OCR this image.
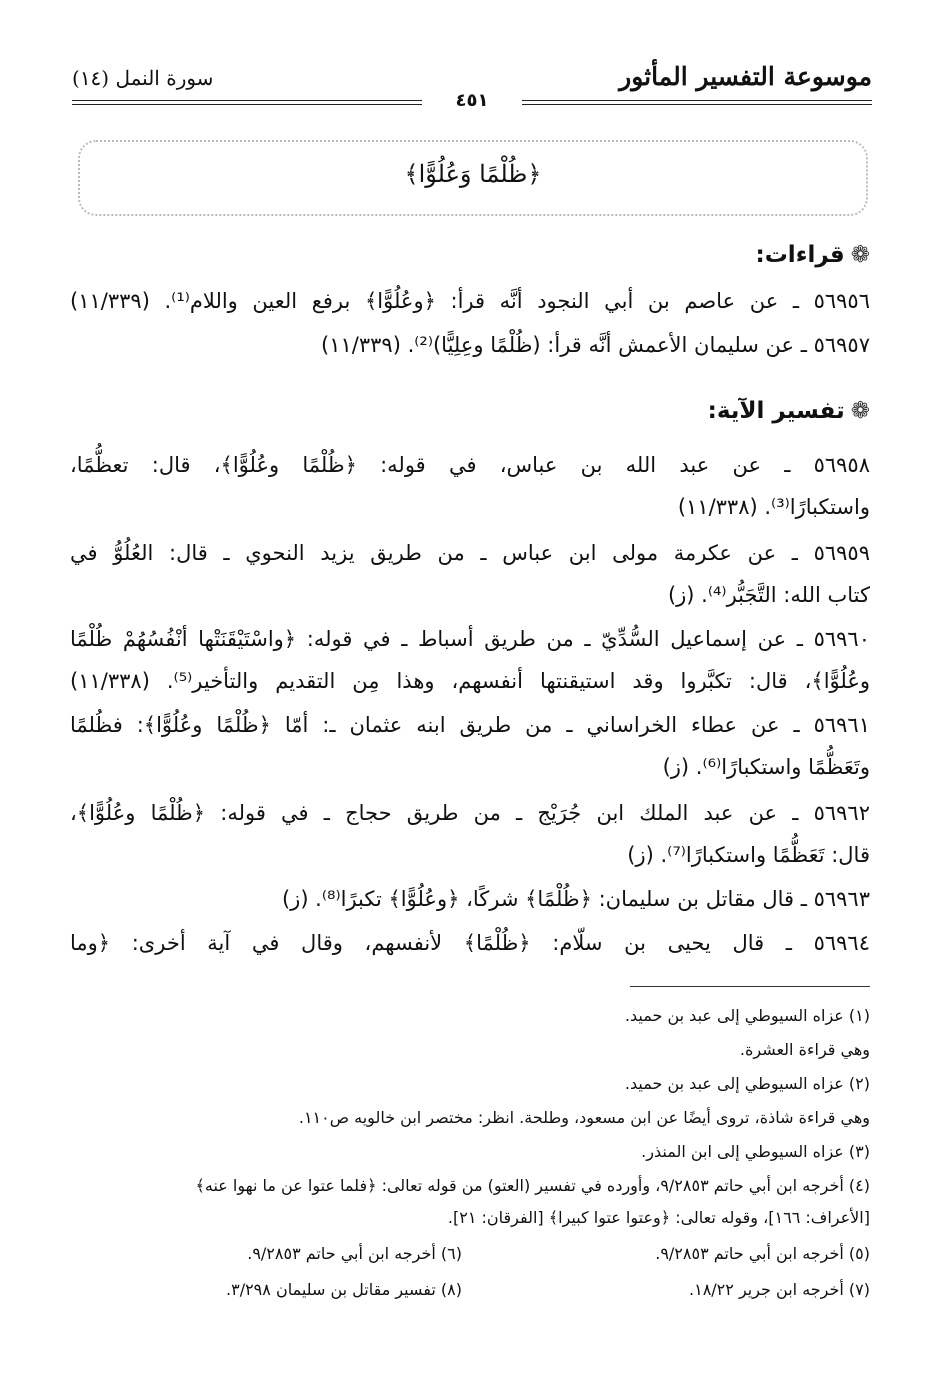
موسوعة التفسير المأثور
سورة النمل (١٤)
٤٥١
﴿ظُلْمًا وَعُلُوًّا﴾
❁قراءات:
٥٦٩٥٦ ـ عن عاصم بن أبي النجود أنَّه قرأ: ﴿وعُلُوًّا﴾ برفع العين واللام⁽¹⁾. (١١/٣٣٩)
٥٦٩٥٧ ـ عن سليمان الأعمش أنَّه قرأ: (ظُلْمًا وعِلِيًّا)⁽²⁾. (١١/٣٣٩)
❁تفسير الآية:
٥٦٩٥٨ ـ عن عبد الله بن عباس، في قوله: ﴿ظُلْمًا وعُلُوًّا﴾، قال: تعظُّمًا،
واستكبارًا⁽³⁾. (١١/٣٣٨)
٥٦٩٥٩ ـ عن عكرمة مولى ابن عباس ـ من طريق يزيد النحوي ـ قال: العُلُوُّ في
كتاب الله: التَّجَبُّر⁽⁴⁾. (ز)
٥٦٩٦٠ ـ عن إسماعيل السُّدِّيّ ـ من طريق أسباط ـ في قوله: ﴿واسْتَيْقَنَتْها أنْفُسُهُمْ ظُلْمًا
وعُلُوًّا﴾، قال: تكبَّروا وقد استيقنتها أنفسهم، وهذا مِن التقديم والتأخير⁽⁵⁾. (١١/٣٣٨)
٥٦٩٦١ ـ عن عطاء الخراساني ـ من طريق ابنه عثمان ـ: أمّا ﴿ظُلْمًا وعُلُوًّا﴾: فظُلمًا
وتَعَظُّمًا واستكبارًا⁽⁶⁾. (ز)
٥٦٩٦٢ ـ عن عبد الملك ابن جُرَيْج ـ من طريق حجاج ـ في قوله: ﴿ظُلْمًا وعُلُوًّا﴾،
قال: تَعَظُّمًا واستكبارًا⁽⁷⁾. (ز)
٥٦٩٦٣ ـ قال مقاتل بن سليمان: ﴿ظُلْمًا﴾ شركًا، ﴿وعُلُوًّا﴾ تكبرًا⁽⁸⁾. (ز)
٥٦٩٦٤ ـ قال يحيى بن سلّام: ﴿ظُلْمًا﴾ لأنفسهم، وقال في آية أخرى: ﴿وما
(١) عزاه السيوطي إلى عبد بن حميد.
وهي قراءة العشرة.
(٢) عزاه السيوطي إلى عبد بن حميد.
وهي قراءة شاذة، تروى أيضًا عن ابن مسعود، وطلحة. انظر: مختصر ابن خالويه ص١١٠.
(٣) عزاه السيوطي إلى ابن المنذر.
(٤) أخرجه ابن أبي حاتم ٩/٢٨٥٣، وأورده في تفسير (العتو) من قوله تعالى: ﴿فلما عتوا عن ما نهوا عنه﴾
[الأعراف: ١٦٦]، وقوله تعالى: ﴿وعتوا عتوا كبيرا﴾ [الفرقان: ٢١].
(٥) أخرجه ابن أبي حاتم ٩/٢٨٥٣.
(٦) أخرجه ابن أبي حاتم ٩/٢٨٥٣.
(٧) أخرجه ابن جرير ١٨/٢٢.
(٨) تفسير مقاتل بن سليمان ٣/٢٩٨.
